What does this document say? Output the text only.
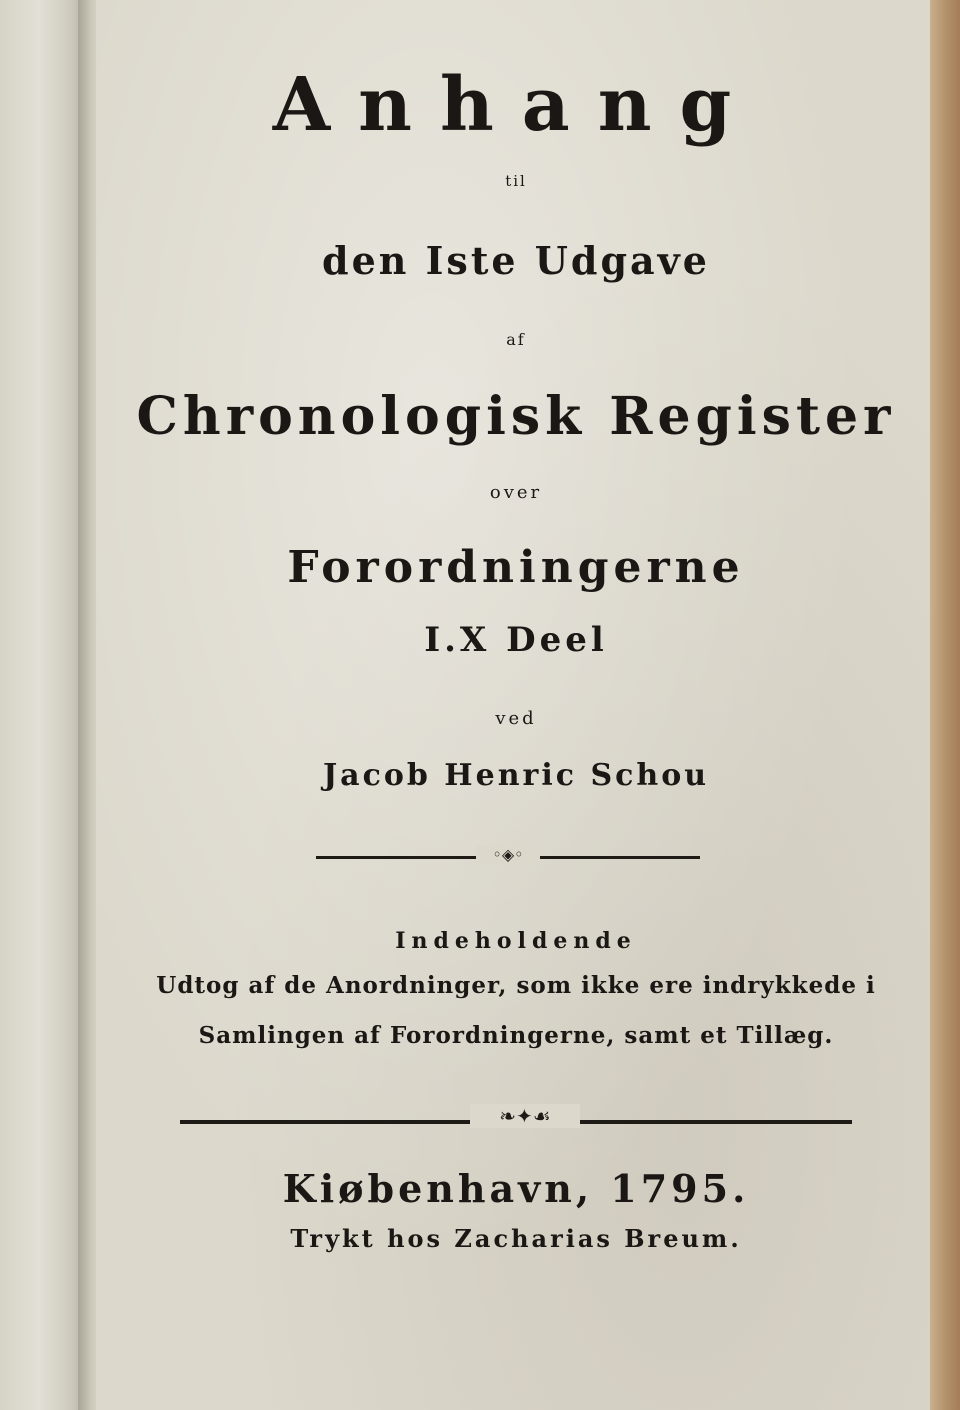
Anhang

til

den Iste Udgave

af

Chronologisk Register

over

Forordningerne

I.X Deel

ved

Jacob Henric Schou

◦◈◦

Indeholdende

Udtog af de Anordninger, som ikke ere indrykkede i

Samlingen af Forordningerne, samt et Tillæg.

❧✦☙

Kiøbenhavn, 1795.

Trykt hos Zacharias Breum.
